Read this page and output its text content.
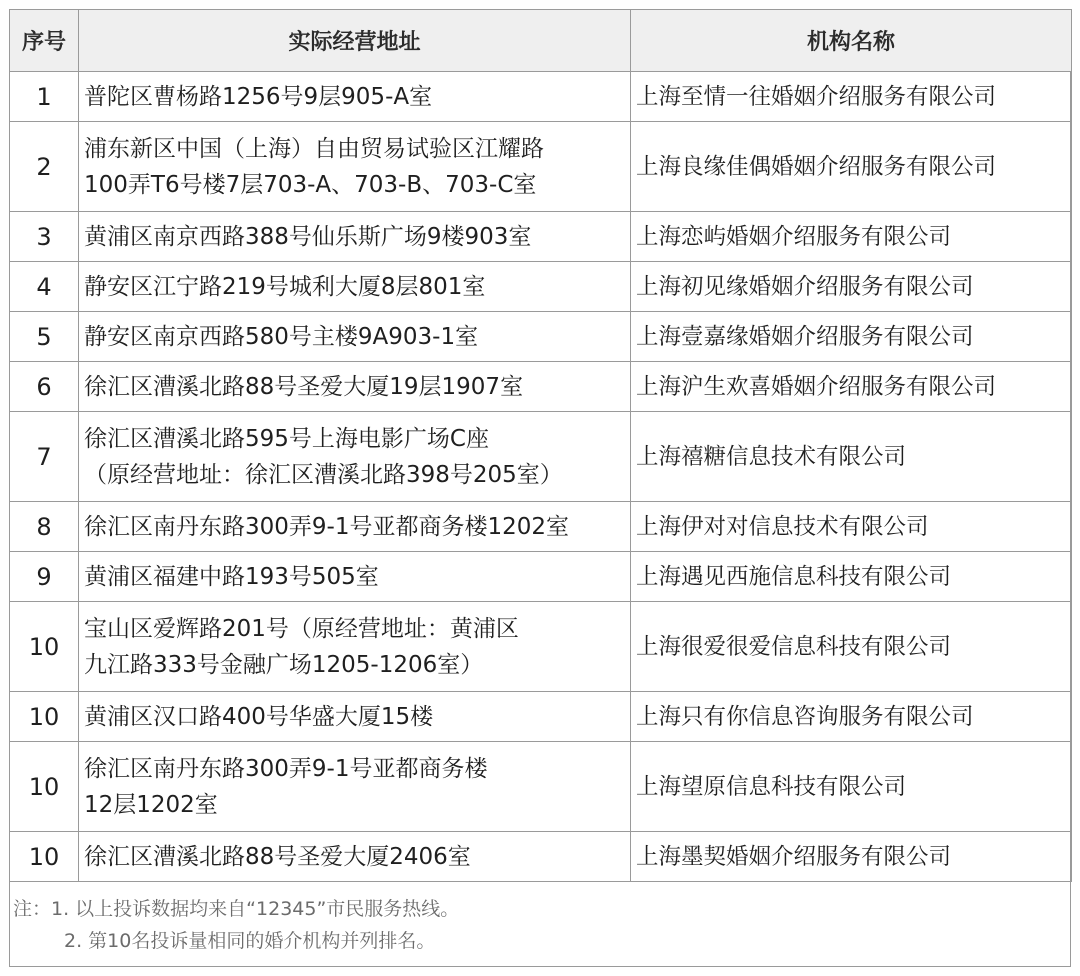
序号	实际经营地址	机构名称
1	普陀区曹杨路1256号9层905-A室	上海至情一往婚姻介绍服务有限公司
2	浦东新区中国（上海）自由贸易试验区江耀路
100弄T6号楼7层703-A、703-B、703-C室	上海良缘佳偶婚姻介绍服务有限公司
3	黄浦区南京西路388号仙乐斯广场9楼903室	上海恋屿婚姻介绍服务有限公司
4	静安区江宁路219号城利大厦8层801室	上海初见缘婚姻介绍服务有限公司
5	静安区南京西路580号主楼9A903-1室	上海壹嘉缘婚姻介绍服务有限公司
6	徐汇区漕溪北路88号圣爱大厦19层1907室	上海沪生欢喜婚姻介绍服务有限公司
7	徐汇区漕溪北路595号上海电影广场C座
（原经营地址：徐汇区漕溪北路398号205室）	上海禧糖信息技术有限公司
8	徐汇区南丹东路300弄9-1号亚都商务楼1202室	上海伊对对信息技术有限公司
9	黄浦区福建中路193号505室	上海遇见西施信息科技有限公司
10	宝山区爱辉路201号（原经营地址：黄浦区
九江路333号金融广场1205-1206室）	上海很爱很爱信息科技有限公司
10	黄浦区汉口路400号华盛大厦15楼	上海只有你信息咨询服务有限公司
10	徐汇区南丹东路300弄9-1号亚都商务楼
12层1202室	上海望原信息科技有限公司
10	徐汇区漕溪北路88号圣爱大厦2406室	上海墨契婚姻介绍服务有限公司
注：1. 以上投诉数据均来自“12345”市民服务热线。
2. 第10名投诉量相同的婚介机构并列排名。
